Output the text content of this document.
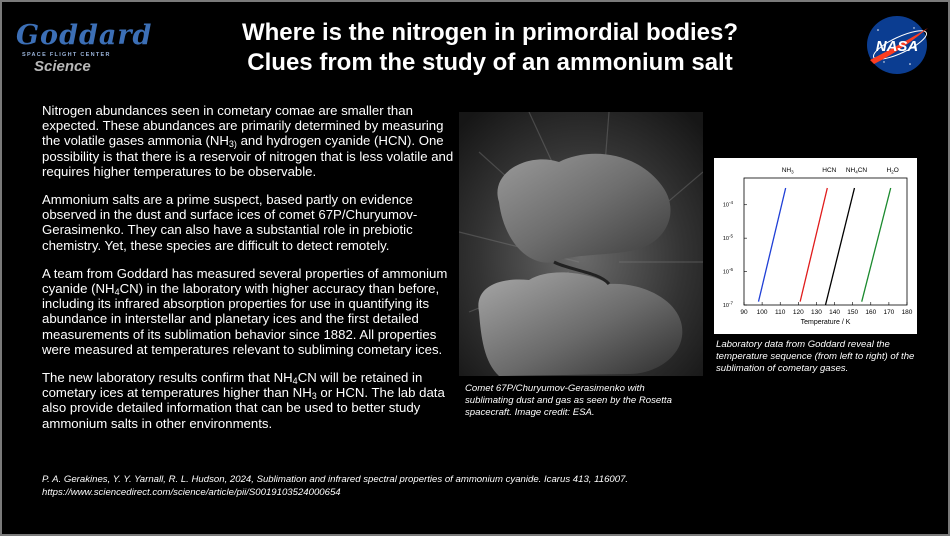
Goddard
SPACE FLIGHT CENTER
Science
Where is the nitrogen in primordial bodies?
Clues from the study of an ammonium salt
NASA

Nitrogen abundances seen in cometary comae are smaller than expected. These abundances are primarily determined by measuring the volatile gases ammonia ($NH_{3)}$ and hydrogen cyanide (HCN). One possibility is that there is a reservoir of nitrogen that is less volatile and requires higher temperatures to be observable.

Ammonium salts are a prime suspect, based partly on evidence observed in the dust and surface ices of comet 67P/Churyumov-Gerasimenko. They can also have a substantial role in prebiotic chemistry. Yet, these species are difficult to detect remotely.

A team from Goddard has measured several properties of ammonium cyanide $(NH_4CN)$ in the laboratory with higher accuracy than before, including its infrared absorption properties for use in quantifying its abundance in interstellar and planetary ices and the first detailed measurements of its sublimation behavior since 1882. All properties were measured at temperatures relevant to subliming cometary ices.

The new laboratory results confirm that $NH_4CN$ will be retained in cometary ices at temperatures higher than $NH_3$ or HCN. The lab data also provide detailed information that can be used to better study ammonium salts in other environments.

Comet 67P/Churyumov-Gerasimenko with
sublimating dust and gas as seen by the Rosetta
spacecraft. Image credit: ESA.
90 100 110 120 130 140 150 160 170 180
$10^{-7}$
$10^{-6}$
$10^{-5}$
$10^{-4}$
Temperature / K
$NH_3$	HCN $NH_4CN$	$H_2O$
Laboratory data from Goddard reveal the
temperature sequence (from left to right) of the
sublimation of cometary gases.
P. A. Gerakines, Y. Y. Yarnall, R. L. Hudson, 2024, Sublimation and infrared spectral properties of ammonium cyanide. Icarus 413, 116007.
https://www.sciencedirect.com/science/article/pii/S0019103524000654
